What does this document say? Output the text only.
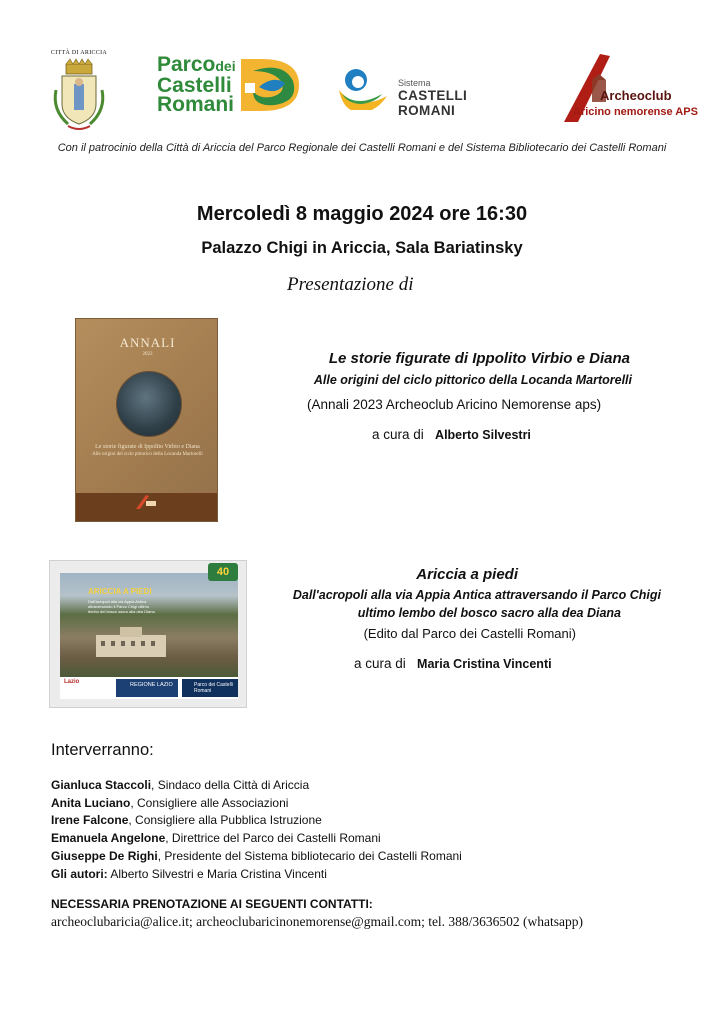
CITTÀ DI ARICCIA Parcodei
Castelli
Romani
Sistema
CASTELLI ROMANI
Archeoclub
Aricino nemorense APS
Con il patrocinio della Città di Ariccia del Parco Regionale dei Castelli Romani e del Sistema Bibliotecario dei Castelli Romani
Mercoledì 8 maggio 2024 ore 16:30
Palazzo Chigi in Ariccia, Sala Bariatinsky
Presentazione di
ANNALI
2023
Le storie figurate di Ippolito Virbio e Diana
Alle origini del ciclo pittorico della Locanda Martorelli
Le storie figurate di Ippolito Virbio e Diana
Alle origini del ciclo pittorico della Locanda Martorelli
(Annali 2023 Archeoclub Aricino Nemorense aps)
a cura di Alberto Silvestri
ARICCIA A PIEDI
Dall'acropoli alla via Appia Antica attraversando il Parco Chigi ultimo lembo del bosco sacro alla dea Diana
40
Lazio	REGIONE LAZIO	Parco dei Castelli Romani
Ariccia a piedi
Dall'acropoli alla via Appia Antica attraversando il Parco Chigi
ultimo lembo del bosco sacro alla dea Diana
(Edito dal Parco dei Castelli Romani)
a cura di Maria Cristina Vincenti
Interverranno:
Gianluca Staccoli, Sindaco della Città di Ariccia
Anita Luciano, Consigliere alle Associazioni
Irene Falcone, Consigliere alla Pubblica Istruzione
Emanuela Angelone, Direttrice del Parco dei Castelli Romani
Giuseppe De Righi, Presidente del Sistema bibliotecario dei Castelli Romani
Gli autori: Alberto Silvestri e Maria Cristina Vincenti
NECESSARIA PRENOTAZIONE AI SEGUENTI CONTATTI:
archeoclubaricia@alice.it; archeoclubaricinonemorense@gmail.com; tel. 388/3636502 (whatsapp)
